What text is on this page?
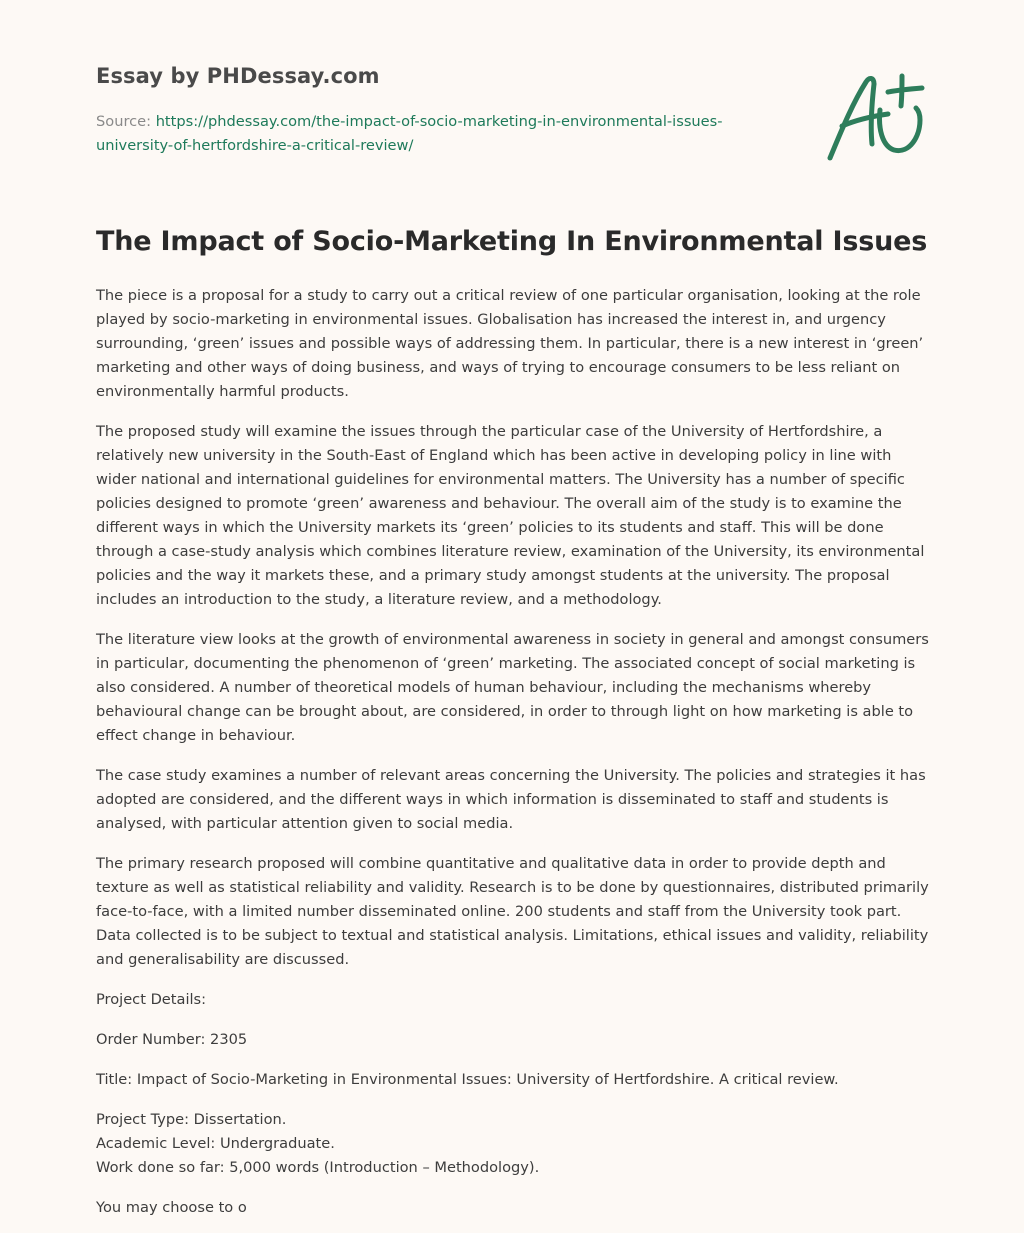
Essay by PHDessay.com

Source: https://phdessay.com/the-impact-of-socio-marketing-in-environmental-issues-university-of-hertfordshire-a-critical-review/

The Impact of Socio-Marketing In Environmental Issues

The piece is a proposal for a study to carry out a critical review of one particular organisation, looking at the role played by socio-marketing in environmental issues. Globalisation has increased the interest in, and urgency surrounding, ‘green’ issues and possible ways of addressing them. In particular, there is a new interest in ‘green’ marketing and other ways of doing business, and ways of trying to encourage consumers to be less reliant on environmentally harmful products.

The proposed study will examine the issues through the particular case of the University of Hertfordshire, a relatively new university in the South-East of England which has been active in developing policy in line with wider national and international guidelines for environmental matters. The University has a number of specific policies designed to promote ‘green’ awareness and behaviour. The overall aim of the study is to examine the different ways in which the University markets its ‘green’ policies to its students and staff. This will be done through a case-study analysis which combines literature review, examination of the University, its environmental policies and the way it markets these, and a primary study amongst students at the university. The proposal includes an introduction to the study, a literature review, and a methodology.

The literature view looks at the growth of environmental awareness in society in general and amongst consumers in particular, documenting the phenomenon of ‘green’ marketing. The associated concept of social marketing is also considered. A number of theoretical models of human behaviour, including the mechanisms whereby behavioural change can be brought about, are considered, in order to through light on how marketing is able to effect change in behaviour.

The case study examines a number of relevant areas concerning the University. The policies and strategies it has adopted are considered, and the different ways in which information is disseminated to staff and students is analysed, with particular attention given to social media.

The primary research proposed will combine quantitative and qualitative data in order to provide depth and texture as well as statistical reliability and validity. Research is to be done by questionnaires, distributed primarily face-to-face, with a limited number disseminated online. 200 students and staff from the University took part. Data collected is to be subject to textual and statistical analysis. Limitations, ethical issues and validity, reliability and generalisability are discussed.

Project Details:

Order Number: 2305

Title: Impact of Socio-Marketing in Environmental Issues: University of Hertfordshire. A critical review.

Project Type: Dissertation.

Academic Level: Undergraduate.

Work done so far: 5,000 words (Introduction – Methodology).

You may choose to o
